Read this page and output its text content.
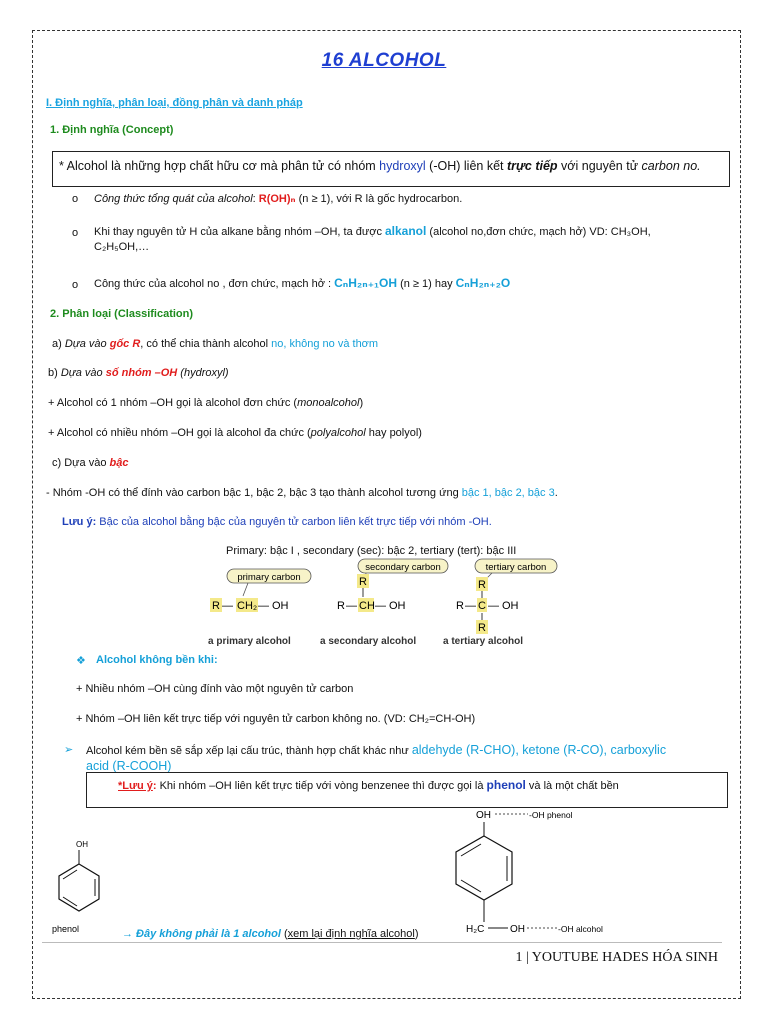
16 ALCOHOL
I. Định nghĩa, phân loại, đồng phân và danh pháp
1. Định nghĩa (Concept)
* Alcohol là những hợp chất hữu cơ mà phân tử có nhóm hydroxyl (-OH) liên kết trực tiếp với nguyên tử carbon no.
o Công thức tổng quát của alcohol: R(OH)ₙ (n ≥ 1), với R là gốc hydrocarbon.
o Khi thay nguyên tử H của alkane bằng nhóm –OH, ta được alkanol (alcohol no,đơn chức, mạch hở) VD: CH₃OH,
C₂H₅OH,…
o Công thức của alcohol no , đơn chức, mạch hở : CₙH₂ₙ₊₁OH (n ≥ 1) hay CₙH₂ₙ₊₂O
2. Phân loại (Classification)
a) Dựa vào gốc R, có thể chia thành alcohol no, không no và thơm
b) Dựa vào số nhóm –OH (hydroxyl)
+ Alcohol có 1 nhóm –OH gọi là alcohol đơn chức (monoalcohol)
+ Alcohol có nhiều nhóm –OH gọi là alcohol đa chức (polyalcohol hay polyol)
c) Dựa vào bậc
- Nhóm -OH có thể đính vào carbon bậc 1, bậc 2, bậc 3 tạo thành alcohol tương ứng bậc 1, bậc 2, bậc 3.
Lưu ý: Bậc của alcohol bằng bậc của nguyên tử carbon liên kết trực tiếp với nhóm -OH.
Primary: bậc I , secondary (sec): bậc 2, tertiary (tert): bậc III
primary carbon
R — CH₂ — OH
a primary alcohol
secondary carbon
R
R — CH — OH
a secondary alcohol
tertiary carbon
R
R — C — OH
R
a tertiary alcohol
❖ Alcohol không bền khi:
+ Nhiều nhóm –OH cùng đính vào một nguyên tử carbon
+ Nhóm –OH liên kết trực tiếp với nguyên tử carbon không no. (VD: CH₂=CH-OH)
➢ Alcohol kém bền sẽ sắp xếp lại cấu trúc, thành hợp chất khác như aldehyde (R-CHO), ketone (R-CO), carboxylic
acid (R-COOH)
*Lưu ý: Khi nhóm –OH liên kết trực tiếp với vòng benzenee thì được gọi là phenol và là một chất bền
OH
phenol	→ Đây không phải là 1 alcohol (xem lại định nghĩa alcohol)
OH	-OH phenol
H₂C	OH	-OH alcohol
1 | YOUTUBE HADES HÓA SINH
